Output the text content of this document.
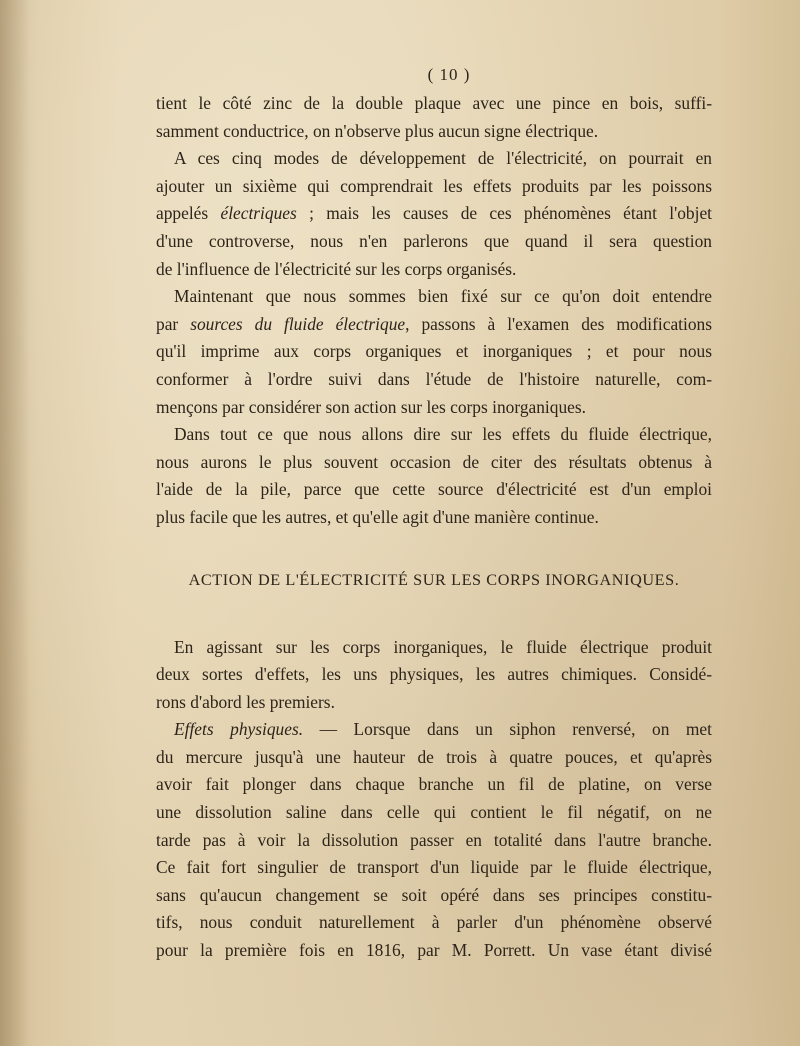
( 10 )
tient le côté zinc de la double plaque avec une pince en bois, suffi-
samment conductrice, on n'observe plus aucun signe électrique.
A ces cinq modes de développement de l'électricité, on pourrait en
ajouter un sixième qui comprendrait les effets produits par les poissons
appelés électriques ; mais les causes de ces phénomènes étant l'objet
d'une controverse, nous n'en parlerons que quand il sera question
de l'influence de l'électricité sur les corps organisés.
Maintenant que nous sommes bien fixé sur ce qu'on doit entendre
par sources du fluide électrique, passons à l'examen des modifications
qu'il imprime aux corps organiques et inorganiques ; et pour nous
conformer à l'ordre suivi dans l'étude de l'histoire naturelle, com-
mençons par considérer son action sur les corps inorganiques.
Dans tout ce que nous allons dire sur les effets du fluide électrique,
nous aurons le plus souvent occasion de citer des résultats obtenus à
l'aide de la pile, parce que cette source d'électricité est d'un emploi
plus facile que les autres, et qu'elle agit d'une manière continue.
ACTION DE L'ÉLECTRICITÉ SUR LES CORPS INORGANIQUES.
En agissant sur les corps inorganiques, le fluide électrique produit
deux sortes d'effets, les uns physiques, les autres chimiques. Considé-
rons d'abord les premiers.
Effets physiques. — Lorsque dans un siphon renversé, on met
du mercure jusqu'à une hauteur de trois à quatre pouces, et qu'après
avoir fait plonger dans chaque branche un fil de platine, on verse
une dissolution saline dans celle qui contient le fil négatif, on ne
tarde pas à voir la dissolution passer en totalité dans l'autre branche.
Ce fait fort singulier de transport d'un liquide par le fluide électrique,
sans qu'aucun changement se soit opéré dans ses principes constitu-
tifs, nous conduit naturellement à parler d'un phénomène observé
pour la première fois en 1816, par M. Porrett. Un vase étant divisé
